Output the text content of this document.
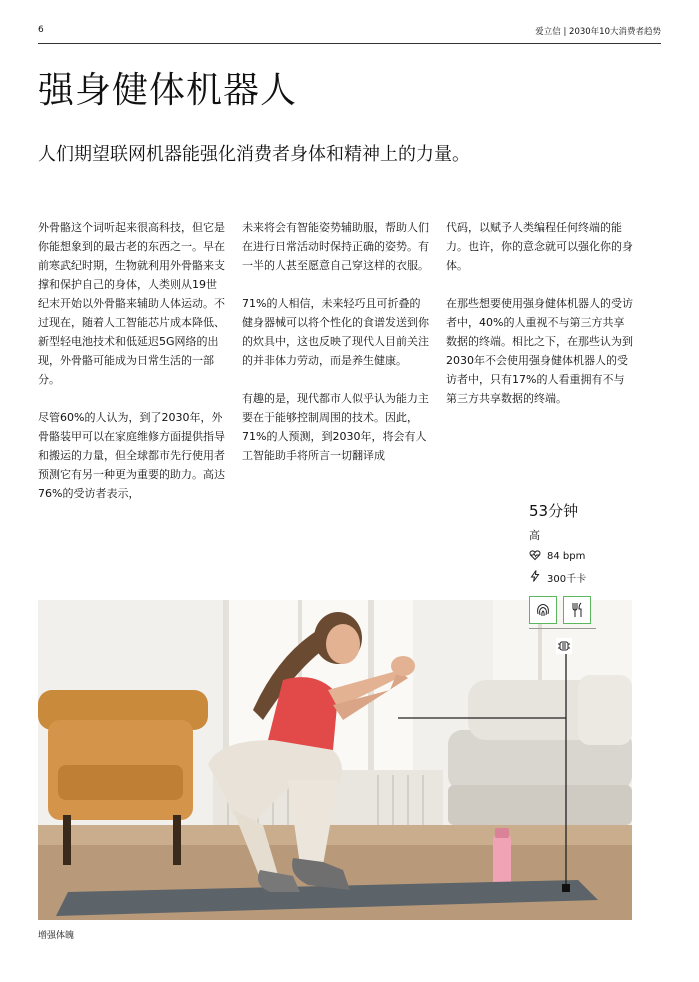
6	爱立信 | 2030年10大消费者趋势
强身健体机器人
人们期望联网机器能强化消费者身体和精神上的力量。

外骨骼这个词听起来很高科技，但它是你能想象到的最古老的东西之一。早在前寒武纪时期，生物就利用外骨骼来支撑和保护自己的身体，人类则从19世纪末开始以外骨骼来辅助人体运动。不过现在，随着人工智能芯片成本降低、新型轻电池技术和低延迟5G网络的出现，外骨骼可能成为日常生活的一部分。

尽管60%的人认为，到了2030年，外骨骼装甲可以在家庭维修方面提供指导和搬运的力量，但全球都市先行使用者预测它有另一种更为重要的助力。高达76%的受访者表示，

未来将会有智能姿势辅助服，帮助人们在进行日常活动时保持正确的姿势。有一半的人甚至愿意自己穿这样的衣服。

71%的人相信，未来轻巧且可折叠的健身器械可以将个性化的食谱发送到你的炊具中，这也反映了现代人目前关注的并非体力劳动，而是养生健康。

有趣的是，现代都市人似乎认为能力主要在于能够控制周围的技术。因此，71%的人预测，到2030年，将会有人工智能助手将所言一切翻译成

代码，以赋予人类编程任何终端的能力。也许，你的意念就可以强化你的身体。

在那些想要使用强身健体机器人的受访者中，40%的人重视不与第三方共享数据的终端。相比之下，在那些认为到2030年不会使用强身健体机器人的受访者中，只有17%的人看重拥有不与第三方共享数据的终端。

增强体魄

53分钟

高

84 bpm
300千卡
